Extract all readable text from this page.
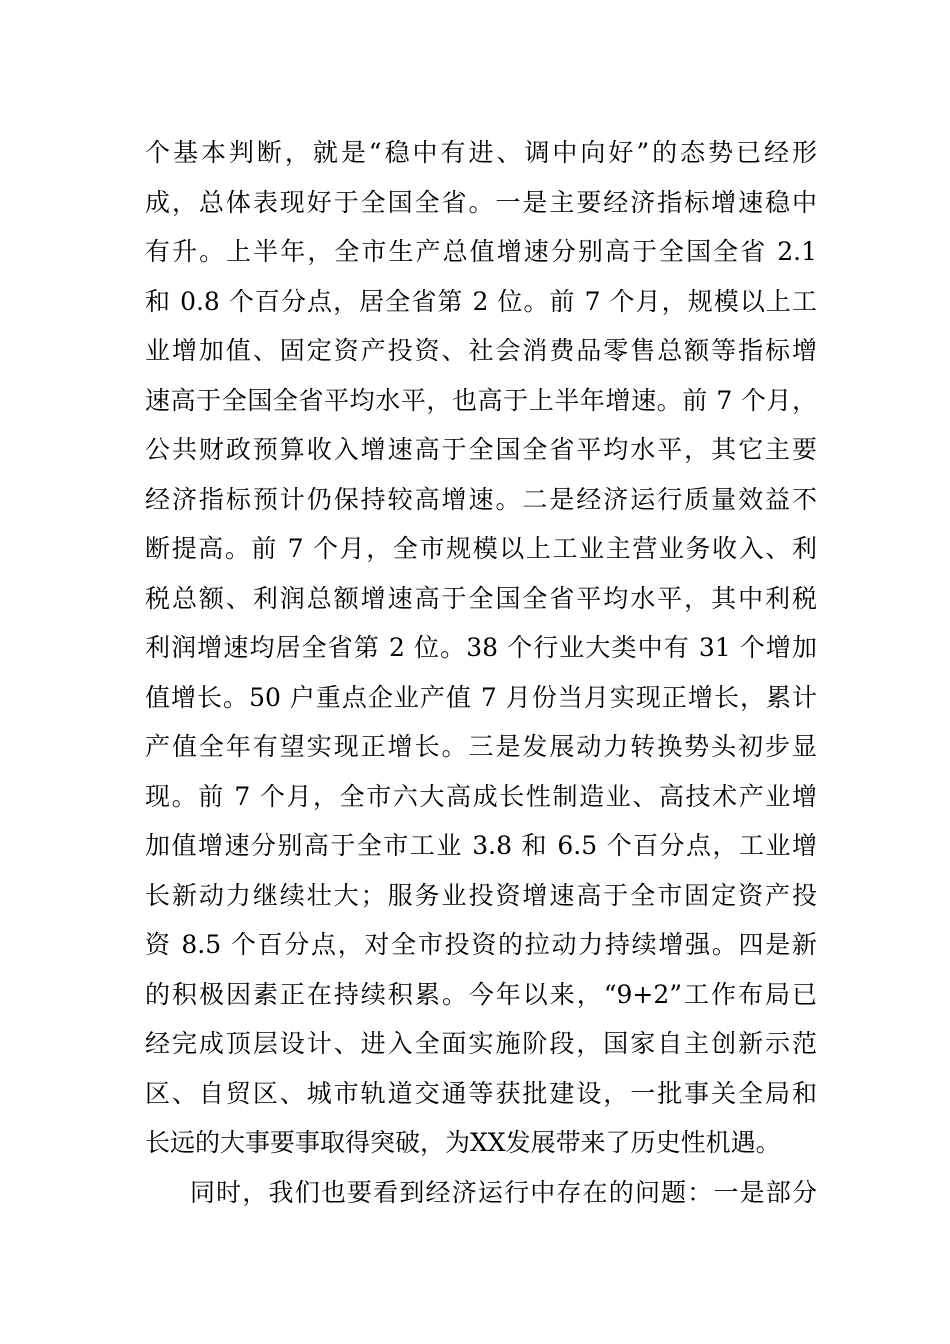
个基本判断，就是“稳中有进、调中向好”的态势已经形
成，总体表现好于全国全省。一是主要经济指标增速稳中
有升。上半年，全市生产总值增速分别高于全国全省 2.1
和 0.8 个百分点，居全省第 2 位。前 7 个月，规模以上工
业增加值、固定资产投资、社会消费品零售总额等指标增
速高于全国全省平均水平，也高于上半年增速。前 7 个月，
公共财政预算收入增速高于全国全省平均水平，其它主要
经济指标预计仍保持较高增速。二是经济运行质量效益不
断提高。前 7 个月，全市规模以上工业主营业务收入、利
税总额、利润总额增速高于全国全省平均水平，其中利税
利润增速均居全省第 2 位。38 个行业大类中有 31 个增加
值增长。50 户重点企业产值 7 月份当月实现正增长，累计
产值全年有望实现正增长。三是发展动力转换势头初步显
现。前 7 个月，全市六大高成长性制造业、高技术产业增
加值增速分别高于全市工业 3.8 和 6.5 个百分点，工业增
长新动力继续壮大；服务业投资增速高于全市固定资产投
资 8.5 个百分点，对全市投资的拉动力持续增强。四是新
的积极因素正在持续积累。今年以来，“9+2”工作布局已
经完成顶层设计、进入全面实施阶段，国家自主创新示范
区、自贸区、城市轨道交通等获批建设，一批事关全局和
长远的大事要事取得突破，为XX发展带来了历史性机遇。
同时，我们也要看到经济运行中存在的问题：一是部分
